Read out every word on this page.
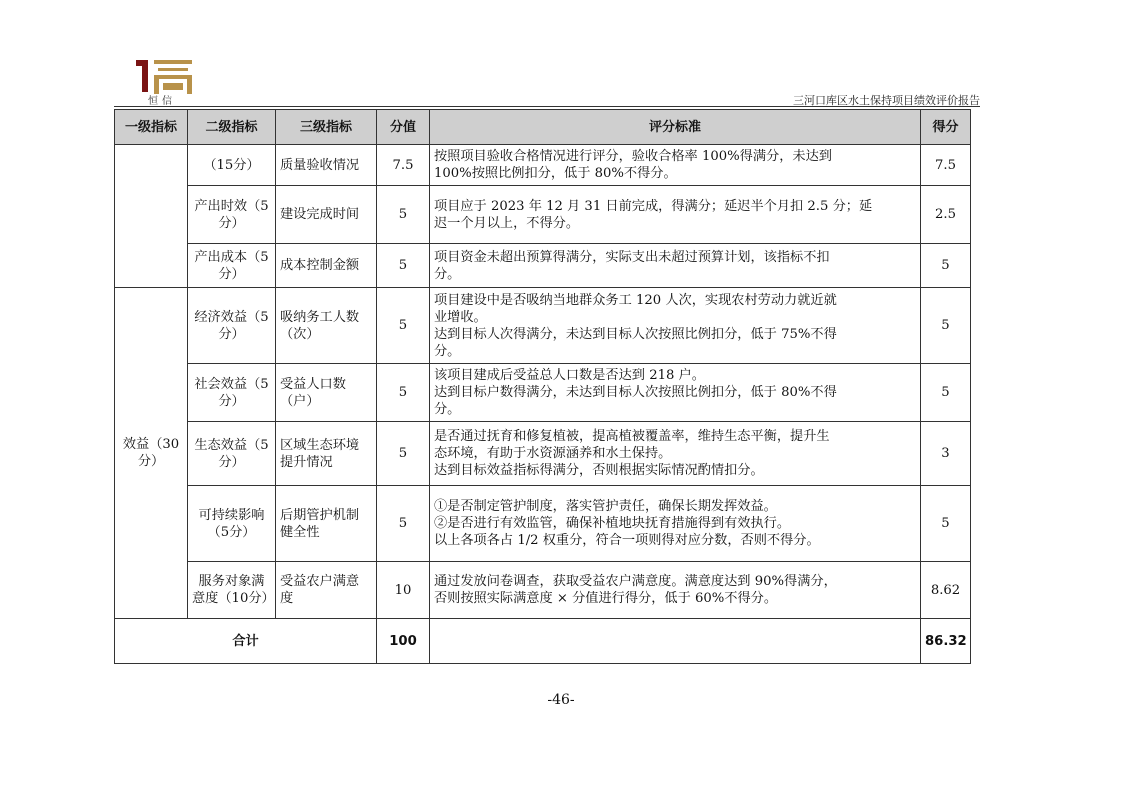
恒信	三河口库区水土保持项目绩效评价报告
一级指标	二级指标	三级指标	分值	评分标准	得分
	（15分）	质量验收情况	7.5	按照项目验收合格情况进行评分，验收合格率 100%得满分，未达到
100%按照比例扣分，低于 80%不得分。	7.5
	产出时效（5分）	建设完成时间	5	项目应于 2023 年 12 月 31 日前完成，得满分；延迟半个月扣 2.5 分；延
迟一个月以上，不得分。	2.5
	产出成本（5分）	成本控制金额	5	项目资金未超出预算得满分，实际支出未超过预算计划，该指标不扣
分。	5
效益（30分）	经济效益（5分）	吸纳务工人数（次）	5	项目建设中是否吸纳当地群众务工 120 人次，实现农村劳动力就近就
业增收。
达到目标人次得满分，未达到目标人次按照比例扣分，低于 75%不得
分。	5
	社会效益（5分）	受益人口数（户）	5	该项目建成后受益总人口数是否达到 218 户。
达到目标户数得满分，未达到目标人次按照比例扣分，低于 80%不得
分。	5
	生态效益（5分）	区域生态环境提升情况	5	是否通过抚育和修复植被，提高植被覆盖率，维持生态平衡，提升生
态环境，有助于水资源涵养和水土保持。
达到目标效益指标得满分，否则根据实际情况酌情扣分。	3
	可持续影响（5分）	后期管护机制健全性	5	①是否制定管护制度，落实管护责任，确保长期发挥效益。
②是否进行有效监管，确保补植地块抚育措施得到有效执行。
以上各项各占 1/2 权重分，符合一项则得对应分数，否则不得分。	5
	服务对象满意度（10分）	受益农户满意度	10	通过发放问卷调查，获取受益农户满意度。满意度达到 90%得满分，
否则按照实际满意度 × 分值进行得分，低于 60%不得分。	8.62
合计			100		86.32
-46-
